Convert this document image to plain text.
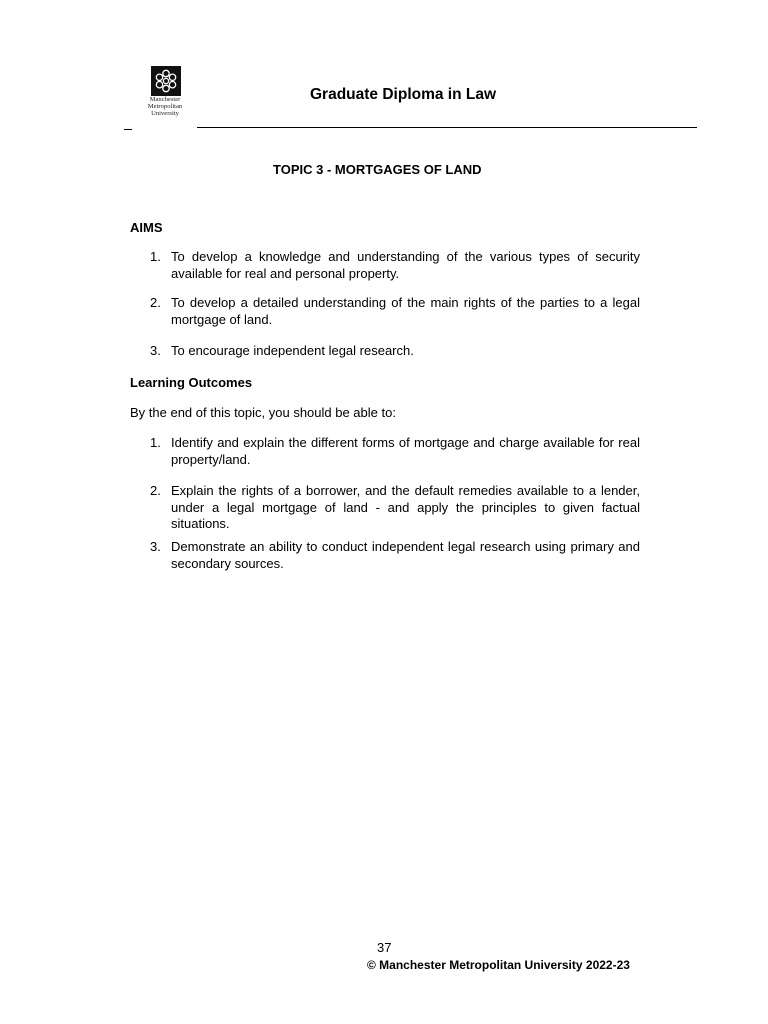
Manchester
Metropolitan
University
Graduate Diploma in Law
TOPIC 3 - MORTGAGES OF LAND
AIMS
1. To develop a knowledge and understanding of the various types of security available for real and personal property.
2. To develop a detailed understanding of the main rights of the parties to a legal mortgage of land.
3. To encourage independent legal research.
Learning Outcomes
By the end of this topic, you should be able to:
1. Identify and explain the different forms of mortgage and charge available for real property/land.
2. Explain the rights of a borrower, and the default remedies available to a lender, under a legal mortgage of land - and apply the principles to given factual situations.
3. Demonstrate an ability to conduct independent legal research using primary and secondary sources.
37
© Manchester Metropolitan University 2022-23
